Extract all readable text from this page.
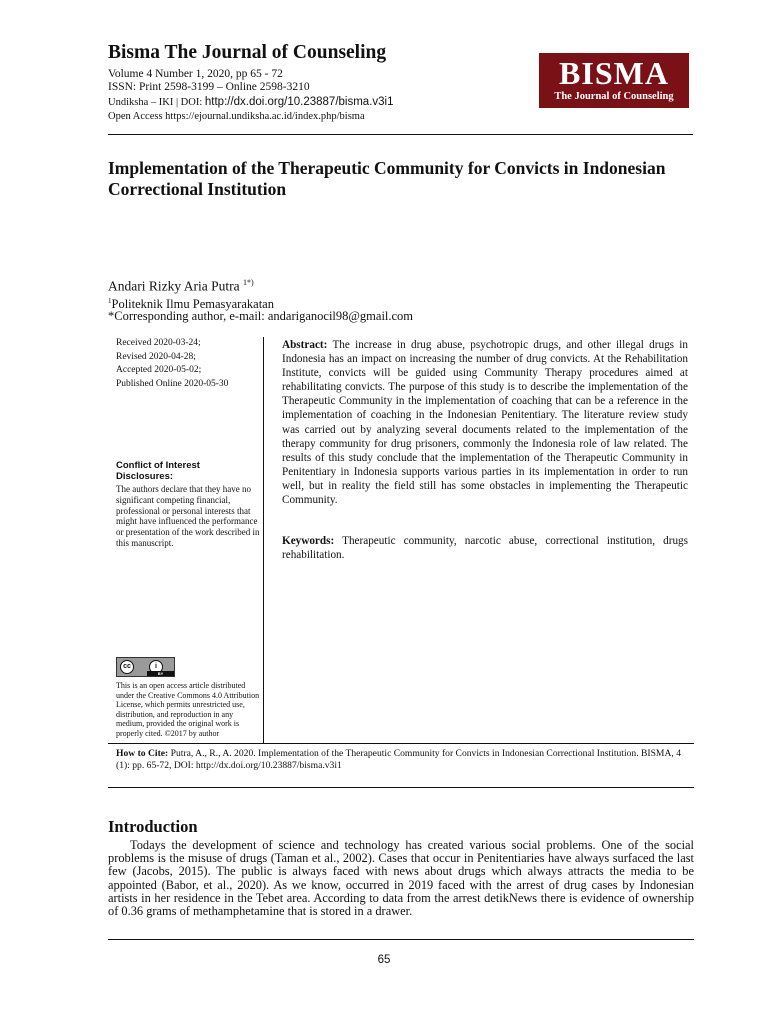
Bisma The Journal of Counseling
Volume 4 Number 1, 2020, pp 65 - 72
ISSN: Print 2598-3199 – Online 2598-3210
Undiksha – IKI | DOI: http://dx.doi.org/10.23887/bisma.v3i1
Open Access https://ejournal.undiksha.ac.id/index.php/bisma
BISMA
The Journal of Counseling
Implementation of the Therapeutic Community for Convicts in Indonesian Correctional Institution
Andari Rizky Aria Putra $^{1*)}$
$^1$Politeknik Ilmu Pemasyarakatan
*Corresponding author, e-mail: andariganocil98@gmail.com
Received 2020-03-24;
Revised 2020-04-28;
Accepted 2020-05-02;
Published Online 2020-05-30
Conflict of Interest Disclosures:
The authors declare that they have no significant competing financial, professional or personal interests that might have influenced the performance or presentation of the work described in this manuscript.
cc	i
BY
This is an open access article distributed under the Creative Commons 4.0 Attribution License, which permits unrestricted use, distribution, and reproduction in any medium, provided the original work is properly cited. ©2017 by author
Abstract: The increase in drug abuse, psychotropic drugs, and other illegal drugs in Indonesia has an impact on increasing the number of drug convicts. At the Rehabilitation Institute, convicts will be guided using Community Therapy procedures aimed at rehabilitating convicts. The purpose of this study is to describe the implementation of the Therapeutic Community in the implementation of coaching that can be a reference in the implementation of coaching in the Indonesian Penitentiary. The literature review study was carried out by analyzing several documents related to the implementation of the therapy community for drug prisoners, commonly the Indonesia role of law related. The results of this study conclude that the implementation of the Therapeutic Community in Penitentiary in Indonesia supports various parties in its implementation in order to run well, but in reality the field still has some obstacles in implementing the Therapeutic Community.
Keywords: Therapeutic community, narcotic abuse, correctional institution, drugs rehabilitation.
How to Cite: Putra, A., R., A. 2020. Implementation of the Therapeutic Community for Convicts in Indonesian Correctional Institution. BISMA, 4 (1): pp. 65-72, DOI: http://dx.doi.org/10.23887/bisma.v3i1
Introduction

Todays the development of science and technology has created various social problems. One of the social problems is the misuse of drugs (Taman et al., 2002). Cases that occur in Penitentiaries have always surfaced the last few (Jacobs, 2015). The public is always faced with news about drugs which always attracts the media to be appointed (Babor, et al., 2020). As we know, occurred in 2019 faced with the arrest of drug cases by Indonesian artists in her residence in the Tebet area. According to data from the arrest detikNews there is evidence of ownership of 0.36 grams of methamphetamine that is stored in a drawer.

65
